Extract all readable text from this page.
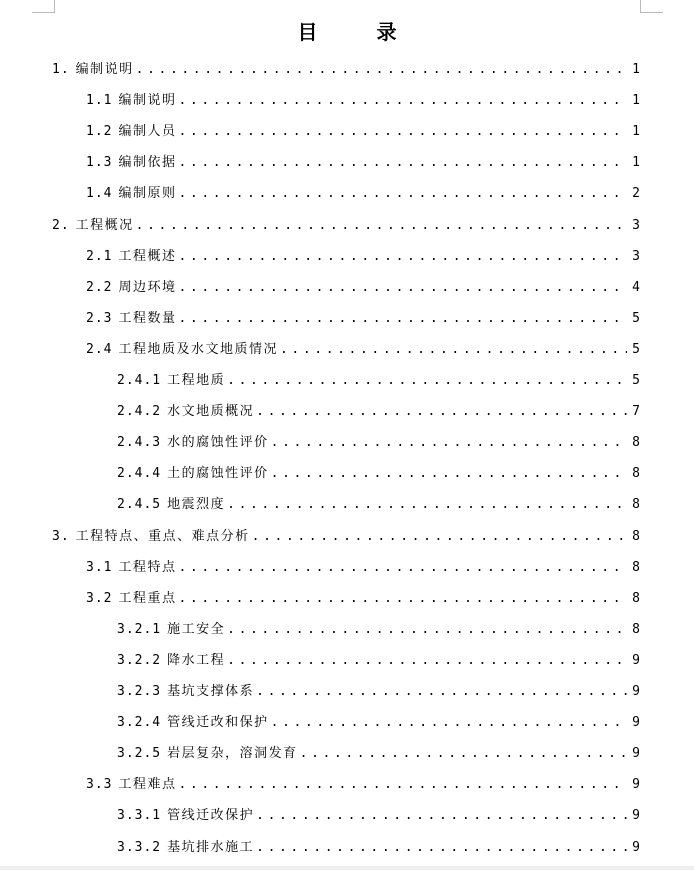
目 录
1. 编制说明 .....	1
1.1 编制说明 .....	1
1.2 编制人员 .....	1
1.3 编制依据 .....	1
1.4 编制原则 .....	2
2. 工程概况 .....	3
2.1 工程概述 .....	3
2.2 周边环境 .....	4
2.3 工程数量 .....	5
2.4 工程地质及水文地质情况 .....	5
2.4.1 工程地质 .....	5
2.4.2 水文地质概况 .....	7
2.4.3 水的腐蚀性评价 .....	8
2.4.4 土的腐蚀性评价 .....	8
2.4.5 地震烈度 .....	8
3. 工程特点、重点、难点分析 .....	8
3.1 工程特点 .....	8
3.2 工程重点 .....	8
3.2.1 施工安全 .....	8
3.2.2 降水工程 .....	9
3.2.3 基坑支撑体系 .....	9
3.2.4 管线迁改和保护 .....	9
3.2.5 岩层复杂，溶洞发育 .....	9
3.3 工程难点 .....	9
3.3.1 管线迁改保护 .....	9
3.3.2 基坑排水施工 .....	9
